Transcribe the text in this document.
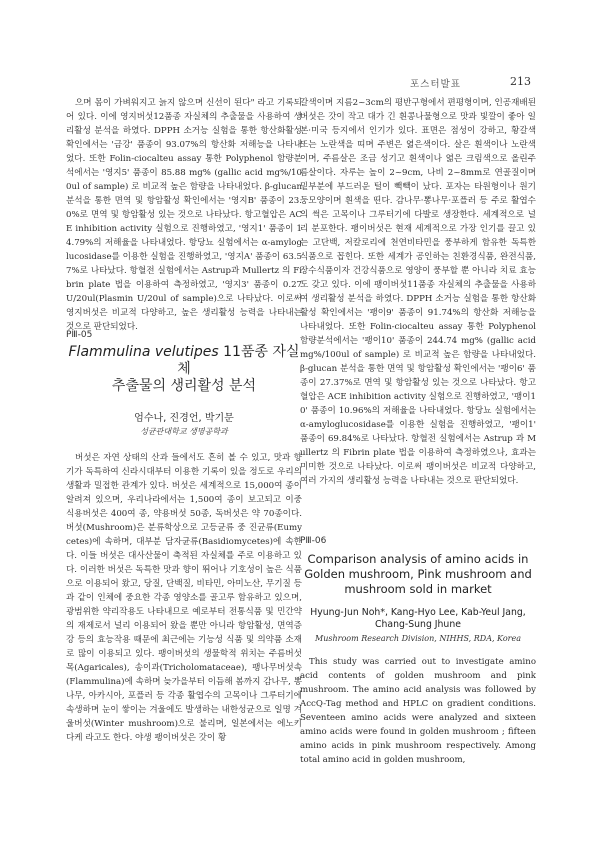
포스터발표	213

으며 몸이 가벼워지고 늙지 않으며 신선이 된다" 라고 기록되어 있다. 이에 영지버섯12품종 자실체의 추출물을 사용하여 생리활성 분석을 하였다. DPPH 소거능 실험을 통한 항산화활성 확인에서는 '금강' 품종이 93.07%의 항산화 저해능을 나타내었다. 또한 Folin-ciocalteu assay 통한 Polyphenol 함량분석에서는 '영지5' 품종이 85.88 mg% (gallic acid mg%/100ul of sample) 로 비교적 높은 함량을 나타내었다. β-glucan 분석을 통한 면역 및 항암활성 확인에서는 '영지B' 품종이 23.0%로 면역 및 항암활성 있는 것으로 나타났다. 항고혈압은 ACE inhibition activity 실험으로 진행하였고, '영지1' 품종이 14.79%의 저해율을 나타내었다. 항당뇨 실험에서는 α-amyloglucosidase를 이용한 실험을 진행하였고, '영지A' 품종이 63.57%로 나타났다. 항혈전 실험에서는 Astrup과 Mullertz 의 Fibrin plate 법을 이용하여 측정하였고, '영지3' 품종이 0.27 U/20ul(Plasmin U/20ul of sample)으로 나타났다. 이로써 영지버섯은 비교적 다양하고, 높은 생리활성 능력을 나타내는 것으로 판단되었다.

PⅢ-05

Flammulina velutipes 11품종 자실체
추출물의 생리활성 분석

엄수나, 진경언, 박기문

성균관대학교 생명공학과

버섯은 자연 상태의 산과 들에서도 흔히 볼 수 있고, 맛과 향기가 독특하여 신라시대부터 이용한 기록이 있을 정도로 우리의 생활과 밀접한 관계가 있다. 버섯은 세계적으로 15,000여 종이 알려져 있으며, 우리나라에서는 1,500여 종이 보고되고 이중 식용버섯은 400여 종, 약용버섯 50종, 독버섯은 약 70종이다. 버섯(Mushroom)은 분류학상으로 고등균류 중 진균류(Eumycetes)에 속하며, 대부분 담자균류(Basidiomycetes)에 속한다. 이들 버섯은 대사산물이 축적된 자실체를 주로 이용하고 있다. 이러한 버섯은 독특한 맛과 향이 뛰어나 기호성이 높은 식품으로 이용되어 왔고, 당질, 단백질, 비타민, 아미노산, 무기질 등과 같이 인체에 중요한 각종 영양소를 골고루 함유하고 있으며, 광범위한 약리작용도 나타내므로 예로부터 전통식품 및 민간약의 재제로서 널리 이용되어 왔을 뿐만 아니라 항암활성, 면역증강 등의 효능작용 때문에 최근에는 기능성 식품 및 의약품 소재로 많이 이용되고 있다. 팽이버섯의 생물학적 위치는 주름버섯목(Agaricales), 송이과(Tricholomataceae), 팽나무버섯속(Flammulina)에 속하며 늦가을부터 이듬해 봄까지 감나무, 뽕나무, 아카시아, 포플러 등 각종 활엽수의 고목이나 그루터기에 속생하며 눈이 쌓이는 겨울에도 발생하는 내한성균으로 일명 겨울버섯(Winter mushroom)으로 불리며, 일본에서는 에노키다케 라고도 한다. 야생 팽이버섯은 갓이 황

갈색이며 지름2~3cm의 평반구형에서 편평형이며, 인공재배된 버섯은 갓이 작고 대가 긴 흰콩나물형으로 맛과 빛깔이 좋아 일본·미국 등지에서 인기가 있다. 표면은 점성이 강하고, 황갈색 또는 노란색을 띠며 주변은 엷은색이다. 살은 흰색이나 노란색이며, 주름살은 조금 성기고 흰색이나 엷은 크림색으로 올린주름살이다. 자루는 높이 2~9cm, 나비 2~8mm로 연골질이며 밑부분에 부드러운 털이 빽빽이 났다. 포자는 타원형이나 원기둥모양이며 흰색을 띤다. 감나무·뽕나무·포플러 등 주로 활엽수의 썩은 고목이나 그루터기에 다발로 생장한다. 세계적으로 널리 분포한다. 팽이버섯은 현재 세계적으로 가장 인기를 끌고 있는 고단백, 저칼로리에 천연비타민을 풍부하게 함유한 독특한 식품으로 꼽힌다. 또한 세계가 공인하는 친환경식품, 완전식품, 장수식품이자 건강식품으로 영양이 풍부할 뿐 아니라 치료 효능도 갖고 있다. 이에 팽이버섯11품종 자실체의 추출물을 사용하여 생리활성 분석을 하였다. DPPH 소거능 실험을 통한 항산화활성 확인에서는 '팽이9' 품종이 91.74%의 항산화 저해능을 나타내었다. 또한 Folin-ciocalteu assay 통한 Polyphenol 함량분석에서는 '팽이10' 품종이 244.74 mg% (gallic acid mg%/100ul of sample) 로 비교적 높은 함량을 나타내었다. β-glucan 분석을 통한 면역 및 항암활성 확인에서는 '팽이6' 품종이 27.37%로 면역 및 항암활성 있는 것으로 나타났다. 항고혈압은 ACE inhibition activity 실험으로 진행하였고, '팽이10' 품종이 10.96%의 저해율을 나타내었다. 항당뇨 실험에서는 α-amyloglucosidase를 이용한 실험을 진행하였고, '팽이1' 품종이 69.84%로 나타났다. 항혈전 실험에서는 Astrup 과 Mullertz 의 Fibrin plate 법을 이용하여 측정하였으나, 효과는 미미한 것으로 나타났다. 이로써 팽이버섯은 비교적 다양하고, 여러 가지의 생리활성 능력을 나타내는 것으로 판단되었다.

PⅢ-06

Comparison analysis of amino acids in Golden mushroom, Pink mushroom and mushroom sold in market

Hyung-Jun Noh*, Kang-Hyo Lee, Kab-Yeul Jang, Chang-Sung Jhune

Mushroom Research Division, NIHHS, RDA, Korea

This study was carried out to investigate amino acid contents of golden mushroom and pink mushroom. The amino acid analysis was followed by AccQ-Tag method and HPLC on gradient conditions. Seventeen amino acids were analyzed and sixteen amino acids were found in golden mushroom ; fifteen amino acids in pink mushroom respectively. Among total amino acid in golden mushroom,
